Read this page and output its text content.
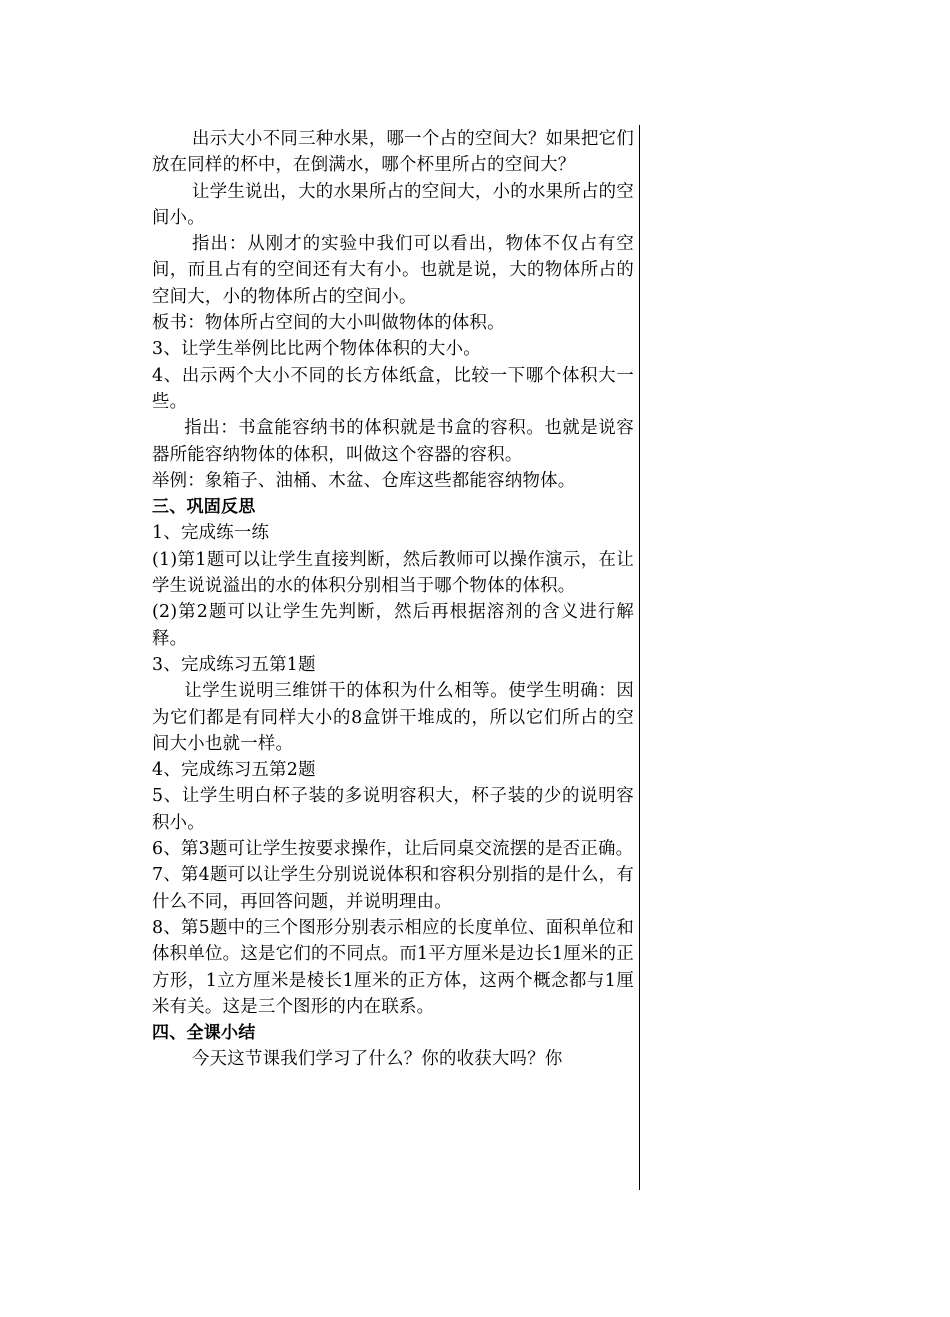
出示大小不同三种水果，哪一个占的空间大？如果把它们放在同样的杯中，在倒满水，哪个杯里所占的空间大？

让学生说出，大的水果所占的空间大，小的水果所占的空间小。

指出：从刚才的实验中我们可以看出，物体不仅占有空间，而且占有的空间还有大有小。也就是说，大的物体所占的空间大，小的物体所占的空间小。

板书：物体所占空间的大小叫做物体的体积。

3、让学生举例比比两个物体体积的大小。

4、出示两个大小不同的长方体纸盒，比较一下哪个体积大一些。

指出：书盒能容纳书的体积就是书盒的容积。也就是说容器所能容纳物体的体积，叫做这个容器的容积。

举例：象箱子、油桶、木盆、仓库这些都能容纳物体。

三、巩固反思

1、完成练一练

(1)第1题可以让学生直接判断，然后教师可以操作演示，在让学生说说溢出的水的体积分别相当于哪个物体的体积。

(2)第2题可以让学生先判断，然后再根据溶剂的含义进行解释。

3、完成练习五第1题

让学生说明三维饼干的体积为什么相等。使学生明确：因为它们都是有同样大小的8盒饼干堆成的，所以它们所占的空间大小也就一样。

4、完成练习五第2题

5、让学生明白杯子装的多说明容积大，杯子装的少的说明容积小。

6、第3题可让学生按要求操作，让后同桌交流摆的是否正确。

7、第4题可以让学生分别说说体积和容积分别指的是什么，有什么不同，再回答问题，并说明理由。

8、第5题中的三个图形分别表示相应的长度单位、面积单位和体积单位。这是它们的不同点。而1平方厘米是边长1厘米的正方形，1立方厘米是棱长1厘米的正方体，这两个概念都与1厘米有关。这是三个图形的内在联系。

四、全课小结

今天这节课我们学习了什么？你的收获大吗？你
